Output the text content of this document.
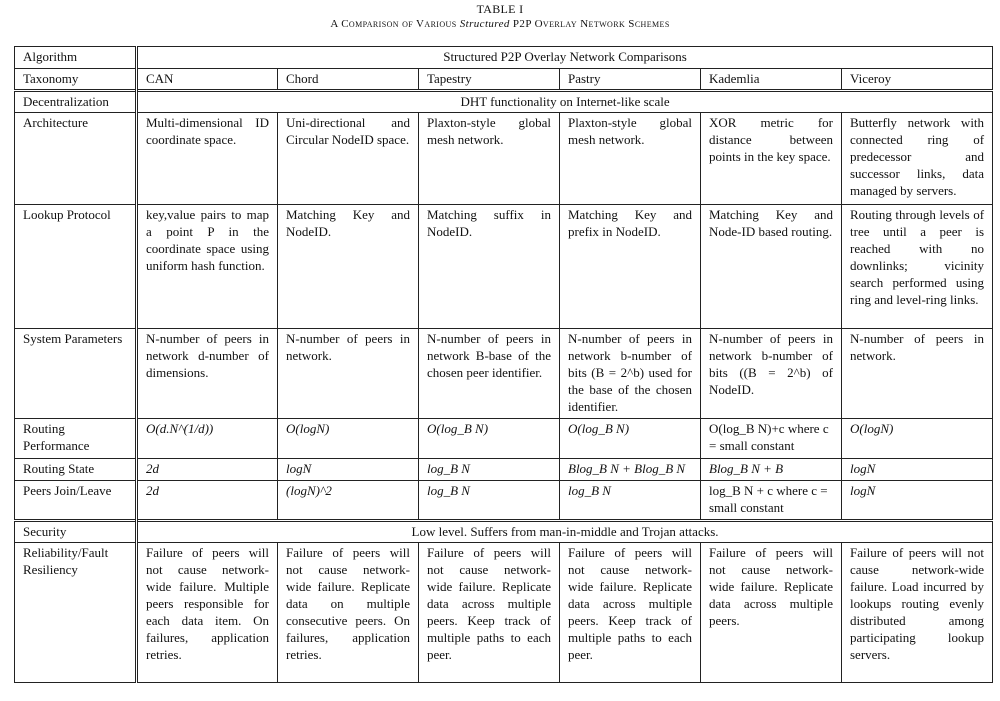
TABLE I
A Comparison of Various Structured P2P Overlay Network Schemes
Algorithm	Structured P2P Overlay Network Comparisons					
Taxonomy	CAN	Chord	Tapestry	Pastry	Kademlia	Viceroy
Decentralization	DHT functionality on Internet-like scale					
Architecture	Multi-dimensional ID coordinate space.	Uni-directional and Circular NodeID space.	Plaxton-style global mesh network.	Plaxton-style global mesh network.	XOR metric for distance between points in the key space.	Butterfly network with connected ring of predecessor and successor links, data managed by servers.
Lookup Protocol	key,value pairs to map a point P in the coordinate space using uniform hash function.	Matching Key and NodeID.	Matching suffix in NodeID.	Matching Key and prefix in NodeID.	Matching Key and Node-ID based routing.	Routing through levels of tree until a peer is reached with no downlinks; vicinity search performed using ring and level-ring links.
System Parameters	N-number of peers in network d-number of dimensions.	N-number of peers in network.	N-number of peers in network B-base of the chosen peer identifier.	N-number of peers in network b-number of bits (B = 2^b) used for the base of the chosen identifier.	N-number of peers in network b-number of bits ((B = 2^b) of NodeID.	N-number of peers in network.
Routing Performance	O(d.N^(1/d))	O(logN)	O(log_B N)	O(log_B N)	O(log_B N)+c where c = small constant	O(logN)
Routing State	2d	logN	log_B N	Blog_B N + Blog_B N	Blog_B N + B	logN
Peers Join/Leave	2d	(logN)^2	log_B N	log_B N	log_B N + c where c = small constant	logN
Security	Low level. Suffers from man-in-middle and Trojan attacks.					
Reliability/Fault Resiliency	Failure of peers will not cause network-wide failure. Multiple peers responsible for each data item. On failures, application retries.	Failure of peers will not cause network-wide failure. Replicate data on multiple consecutive peers. On failures, application retries.	Failure of peers will not cause network-wide failure. Replicate data across multiple peers. Keep track of multiple paths to each peer.	Failure of peers will not cause network-wide failure. Replicate data across multiple peers. Keep track of multiple paths to each peer.	Failure of peers will not cause network-wide failure. Replicate data across multiple peers.	Failure of peers will not cause network-wide failure. Load incurred by lookups routing evenly distributed among participating lookup servers.
